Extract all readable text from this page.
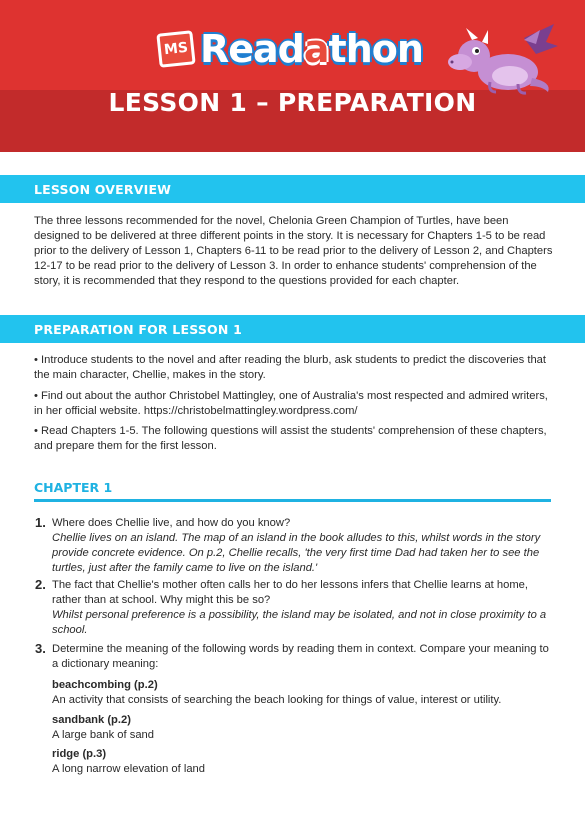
MS Readathon
LESSON 1 – PREPARATION
LESSON OVERVIEW
The three lessons recommended for the novel, Chelonia Green Champion of Turtles, have been designed to be delivered at three different points in the story. It is necessary for Chapters 1-5 to be read prior to the delivery of Lesson 1, Chapters 6-11 to be read prior to the delivery of Lesson 2, and Chapters 12-17 to be read prior to the delivery of Lesson 3. In order to enhance students' comprehension of the story, it is recommended that they respond to the questions provided for each chapter.
PREPARATION FOR LESSON 1
• Introduce students to the novel and after reading the blurb, ask students to predict the discoveries that the main character, Chellie, makes in the story.
• Find out about the author Christobel Mattingley, one of Australia's most respected and admired writers, in her official website. https://christobelmattingley.wordpress.com/
• Read Chapters 1-5. The following questions will assist the students' comprehension of these chapters, and prepare them for the first lesson.
CHAPTER 1
1. Where does Chellie live, and how do you know?
Chellie lives on an island. The map of an island in the book alludes to this, whilst words in the story provide concrete evidence. On p.2, Chellie recalls, 'the very first time Dad had taken her to see the turtles, just after the family came to live on the island.'
2. The fact that Chellie's mother often calls her to do her lessons infers that Chellie learns at home, rather than at school. Why might this be so?
Whilst personal preference is a possibility, the island may be isolated, and not in close proximity to a school.
3. Determine the meaning of the following words by reading them in context. Compare your meaning to a dictionary meaning:
beachcombing (p.2)
An activity that consists of searching the beach looking for things of value, interest or utility.
sandbank (p.2)
A large bank of sand
ridge (p.3)
A long narrow elevation of land
